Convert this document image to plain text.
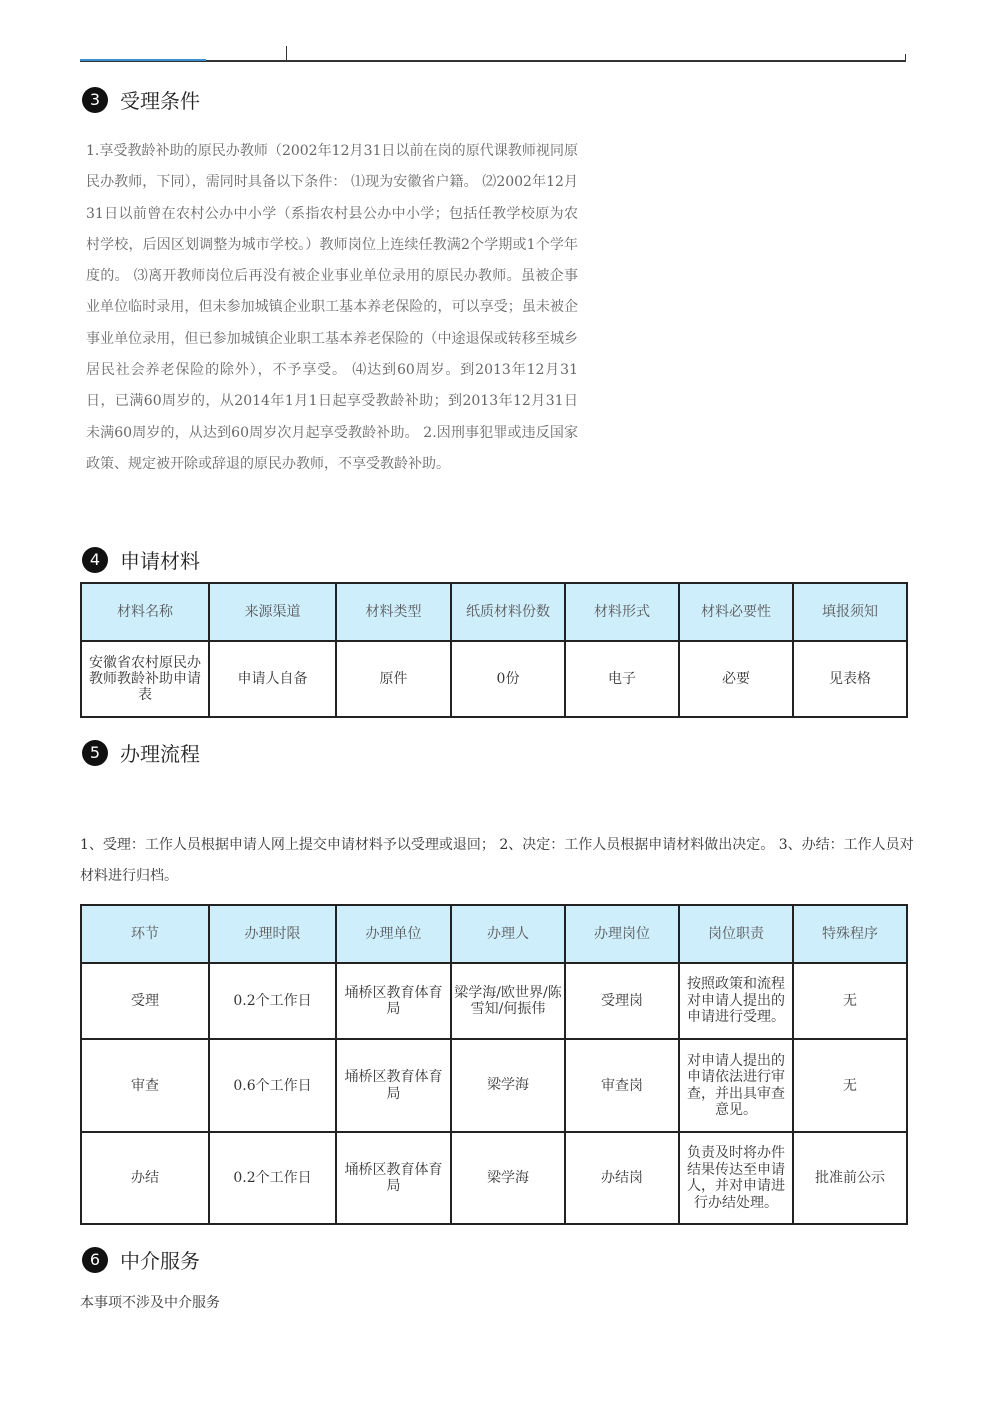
3 受理条件

1.享受教龄补助的原民办教师（2002年12月31日以前在岗的原代课教师视同原民办教师，下同），需同时具备以下条件： ⑴现为安徽省户籍。 ⑵2002年12月31日以前曾在农村公办中小学（系指农村县公办中小学；包括任教学校原为农村学校，后因区划调整为城市学校。）教师岗位上连续任教满2个学期或1个学年度的。 ⑶离开教师岗位后再没有被企业事业单位录用的原民办教师。虽被企事业单位临时录用，但未参加城镇企业职工基本养老保险的，可以享受；虽未被企事业单位录用，但已参加城镇企业职工基本养老保险的（中途退保或转移至城乡居民社会养老保险的除外），不予享受。 ⑷达到60周岁。到2013年12月31日，已满60周岁的，从2014年1月1日起享受教龄补助；到2013年12月31日未满60周岁的，从达到60周岁次月起享受教龄补助。 2.因刑事犯罪或违反国家政策、规定被开除或辞退的原民办教师，不享受教龄补助。

4 申请材料
材料名称	来源渠道	材料类型	纸质材料份数	材料形式	材料必要性	填报须知
安徽省农村原民办教师教龄补助申请表	申请人自备	原件	0份	电子	必要	见表格
5 办理流程

1、受理：工作人员根据申请人网上提交申请材料予以受理或退回； 2、决定：工作人员根据申请材料做出决定。 3、办结：工作人员对材料进行归档。

环节	办理时限	办理单位	办理人	办理岗位	岗位职责	特殊程序
受理	0.2个工作日	埇桥区教育体育局	梁学海/欧世界/陈雪知/何振伟	受理岗	按照政策和流程对申请人提出的申请进行受理。	无
审查	0.6个工作日	埇桥区教育体育局	梁学海	审查岗	对申请人提出的申请依法进行审查，并出具审查意见。	无
办结	0.2个工作日	埇桥区教育体育局	梁学海	办结岗	负责及时将办件结果传达至申请人，并对申请进行办结处理。	批准前公示
6 中介服务

本事项不涉及中介服务
